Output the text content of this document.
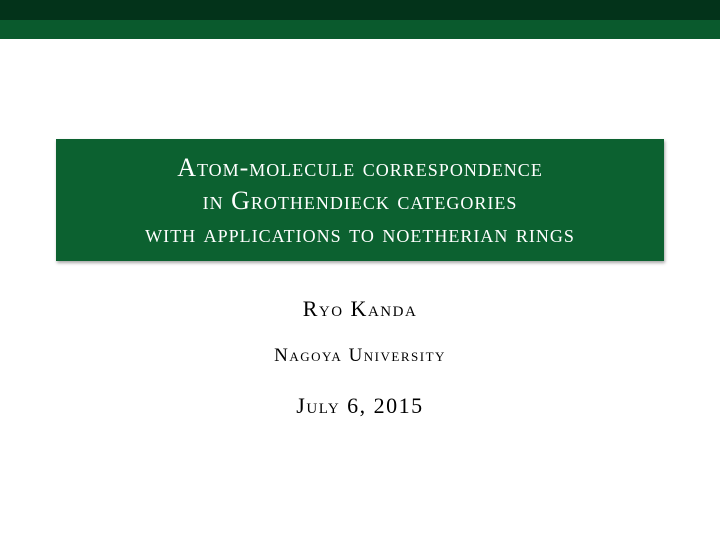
Atom-molecule correspondence
in Grothendieck categories
with applications to noetherian rings
Ryo Kanda
Nagoya University
July 6, 2015
